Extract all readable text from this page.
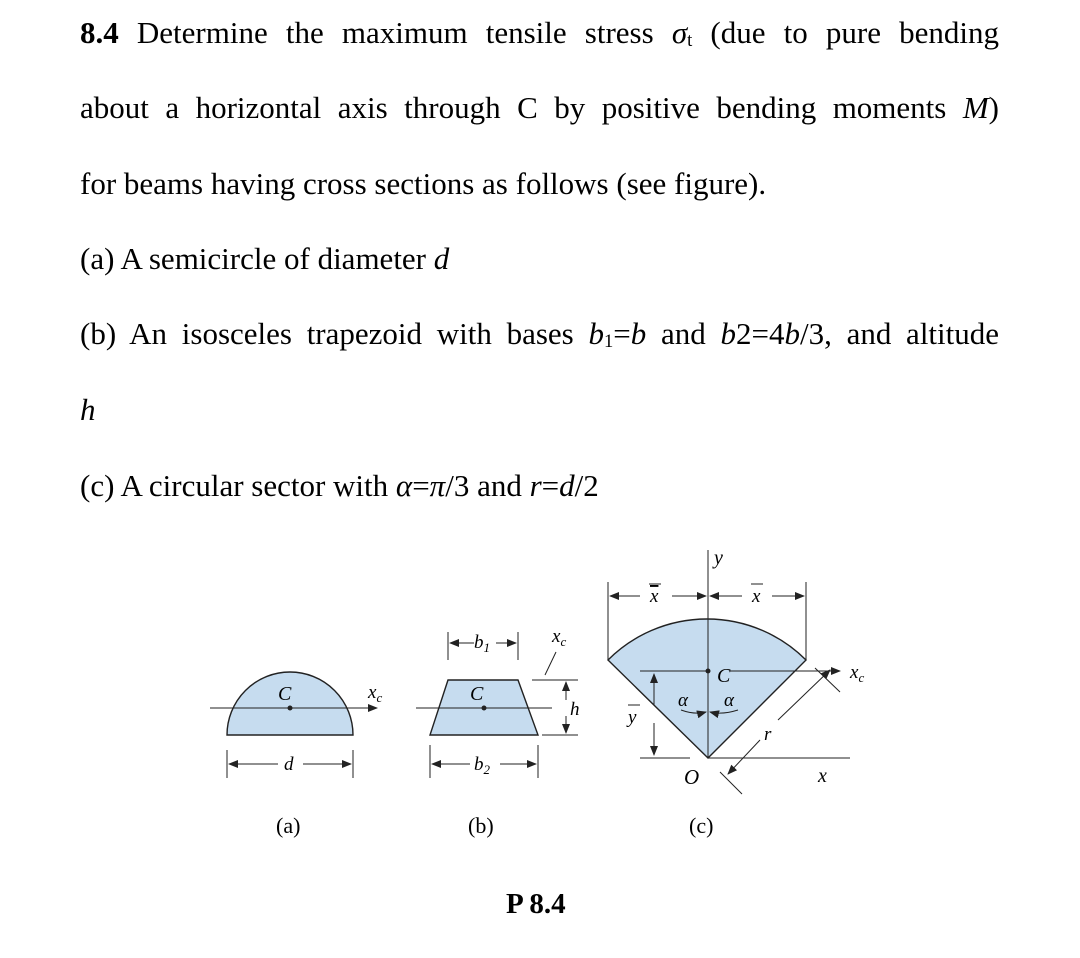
8.4 Determine the maximum tensile stress $\sigma_t$ (due to pure bending
about a horizontal axis through C by positive bending moments M)
for beams having cross sections as follows (see figure).
(a) A semicircle of diameter d
(b) An isosceles trapezoid with bases $b_1=b$ and b2=4b/3, and altitude
h
(c) A circular sector with α=π/3 and r=d/2
C	$x_c$
d
(a)
C
$b_1$
$b_2$
h
$x_c$
(b)
y
x
x	x
y
C	$x_c$
α α
O
r
(c)
P 8.4
